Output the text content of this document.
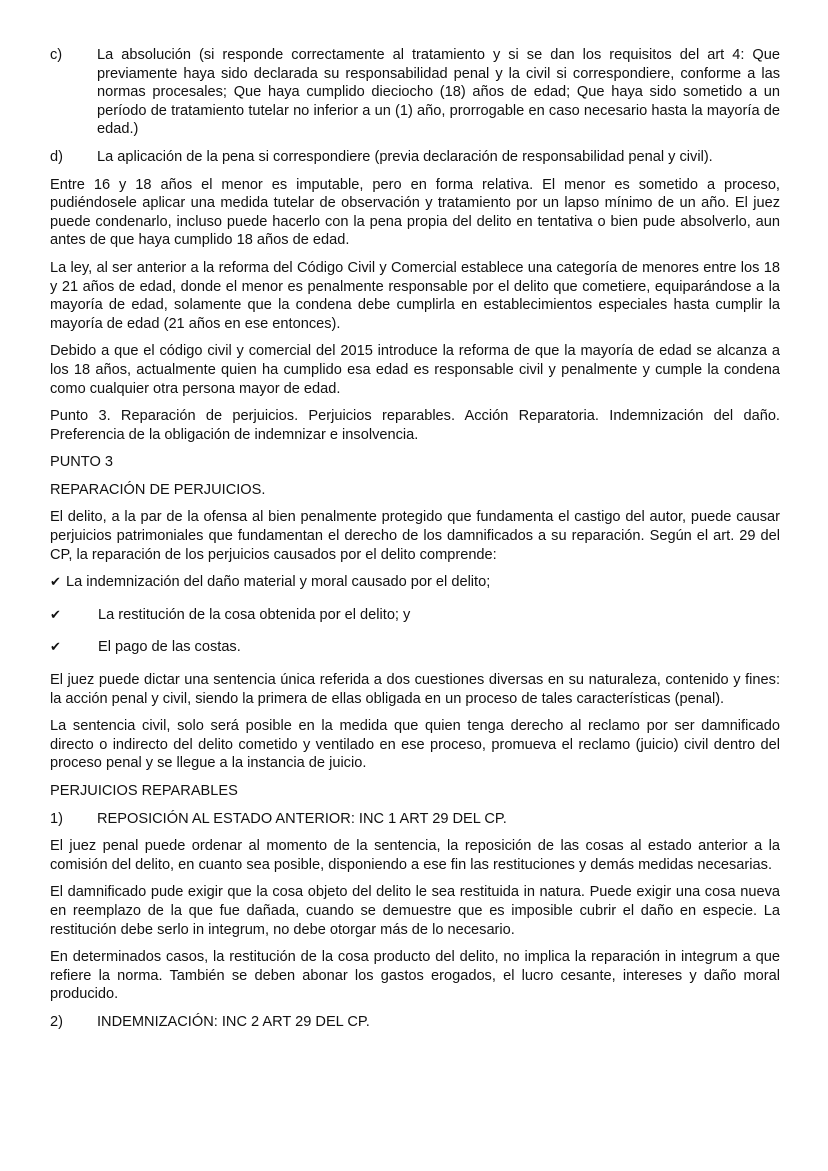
c)	La absolución (si responde correctamente al tratamiento y si se dan los requisitos del art 4: Que previamente haya sido declarada su responsabilidad penal y la civil si correspondiere, conforme a las normas procesales; Que haya cumplido dieciocho (18) años de edad; Que haya sido sometido a un período de tratamiento tutelar no inferior a un (1) año, prorrogable en caso necesario hasta la mayoría de edad.)
d)	La aplicación de la pena si correspondiere (previa declaración de responsabilidad penal y civil).

Entre 16 y 18 años el menor es imputable, pero en forma relativa. El menor es sometido a proceso, pudiéndosele aplicar una medida tutelar de observación y tratamiento por un lapso mínimo de un año. El juez puede condenarlo, incluso puede hacerlo con la pena propia del delito en tentativa o bien pude absolverlo, aun antes de que haya cumplido 18 años de edad.

La ley, al ser anterior a la reforma del Código Civil y Comercial establece una categoría de menores entre los 18 y 21 años de edad, donde el menor es penalmente responsable por el delito que cometiere, equiparándose a la mayoría de edad, solamente que la condena debe cumplirla en establecimientos especiales hasta cumplir la mayoría de edad (21 años en ese entonces).

Debido a que el código civil y comercial del 2015 introduce la reforma de que la mayoría de edad se alcanza a los 18 años, actualmente quien ha cumplido esa edad es responsable civil y penalmente y cumple la condena como cualquier otra persona mayor de edad.

Punto 3. Reparación de perjuicios. Perjuicios reparables. Acción Reparatoria. Indemnización del daño. Preferencia de la obligación de indemnizar e insolvencia.

PUNTO 3

REPARACIÓN DE PERJUICIOS.

El delito, a la par de la ofensa al bien penalmente protegido que fundamenta el castigo del autor, puede causar perjuicios patrimoniales que fundamentan el derecho de los damnificados a su reparación. Según el art. 29 del CP, la reparación de los perjuicios causados por el delito comprende:

✔
La indemnización del daño material y moral causado por el delito;
✔
La restitución de la cosa obtenida por el delito; y
✔
El pago de las costas.

El juez puede dictar una sentencia única referida a dos cuestiones diversas en su naturaleza, contenido y fines: la acción penal y civil, siendo la primera de ellas obligada en un proceso de tales características (penal).

La sentencia civil, solo será posible en la medida que quien tenga derecho al reclamo por ser damnificado directo o indirecto del delito cometido y ventilado en ese proceso, promueva el reclamo (juicio) civil dentro del proceso penal y se llegue a la instancia de juicio.

PERJUICIOS REPARABLES

1)	REPOSICIÓN AL ESTADO ANTERIOR: INC 1 ART 29 DEL CP.

El juez penal puede ordenar al momento de la sentencia, la reposición de las cosas al estado anterior a la comisión del delito, en cuanto sea posible, disponiendo a ese fin las restituciones y demás medidas necesarias.

El damnificado pude exigir que la cosa objeto del delito le sea restituida in natura. Puede exigir una cosa nueva en reemplazo de la que fue dañada, cuando se demuestre que es imposible cubrir el daño en especie. La restitución debe serlo in integrum, no debe otorgar más de lo necesario.

En determinados casos, la restitución de la cosa producto del delito, no implica la reparación in integrum a que refiere la norma. También se deben abonar los gastos erogados, el lucro cesante, intereses y daño moral producido.

2)	INDEMNIZACIÓN: INC 2 ART 29 DEL CP.
